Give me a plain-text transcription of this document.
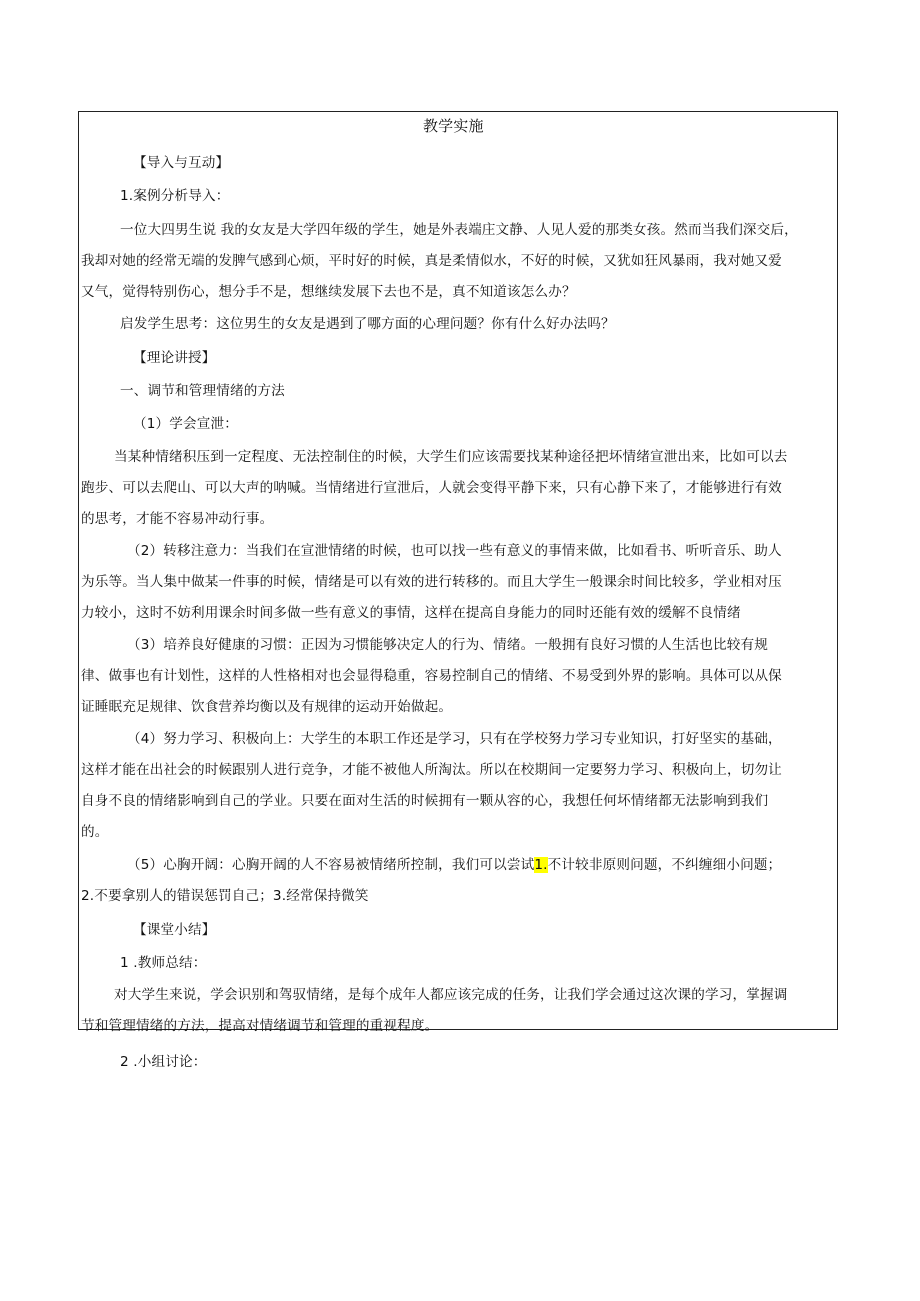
教学实施
【导入与互动】
1.案例分析导入：
一位大四男生说 我的女友是大学四年级的学生，她是外表端庄文静、人见人爱的那类女孩。然而当我们深交后，
我却对她的经常无端的发脾气感到心烦，平时好的时候，真是柔情似水，不好的时候，又犹如狂风暴雨，我对她又爱
又气，觉得特别伤心，想分手不是，想继续发展下去也不是，真不知道该怎么办？
启发学生思考：这位男生的女友是遇到了哪方面的心理问题？你有什么好办法吗？
【理论讲授】
一、调节和管理情绪的方法
（1）学会宣泄：
当某种情绪积压到一定程度、无法控制住的时候，大学生们应该需要找某种途径把坏情绪宣泄出来，比如可以去
跑步、可以去爬山、可以大声的呐喊。当情绪进行宣泄后，人就会变得平静下来，只有心静下来了，才能够进行有效
的思考，才能不容易冲动行事。
（2）转移注意力：当我们在宣泄情绪的时候，也可以找一些有意义的事情来做，比如看书、听听音乐、助人
为乐等。当人集中做某一件事的时候，情绪是可以有效的进行转移的。而且大学生一般课余时间比较多，学业相对压
力较小，这时不妨利用课余时间多做一些有意义的事情，这样在提高自身能力的同时还能有效的缓解不良情绪
（3）培养良好健康的习惯：正因为习惯能够决定人的行为、情绪。一般拥有良好习惯的人生活也比较有规
律、做事也有计划性，这样的人性格相对也会显得稳重，容易控制自己的情绪、不易受到外界的影响。具体可以从保
证睡眠充足规律、饮食营养均衡以及有规律的运动开始做起。
（4）努力学习、积极向上：大学生的本职工作还是学习，只有在学校努力学习专业知识，打好坚实的基础，
这样才能在出社会的时候跟别人进行竞争，才能不被他人所淘汰。所以在校期间一定要努力学习、积极向上，切勿让
自身不良的情绪影响到自己的学业。只要在面对生活的时候拥有一颗从容的心，我想任何坏情绪都无法影响到我们
的。
（5）心胸开阔：心胸开阔的人不容易被情绪所控制，我们可以尝试1.不计较非原则问题，不纠缠细小问题；
2.不要拿别人的错误惩罚自己；3.经常保持微笑
【课堂小结】
1 .教师总结：
对大学生来说，学会识别和驾驭情绪，是每个成年人都应该完成的任务，让我们学会通过这次课的学习，掌握调
节和管理情绪的方法，提高对情绪调节和管理的重视程度。
2 .小组讨论：
